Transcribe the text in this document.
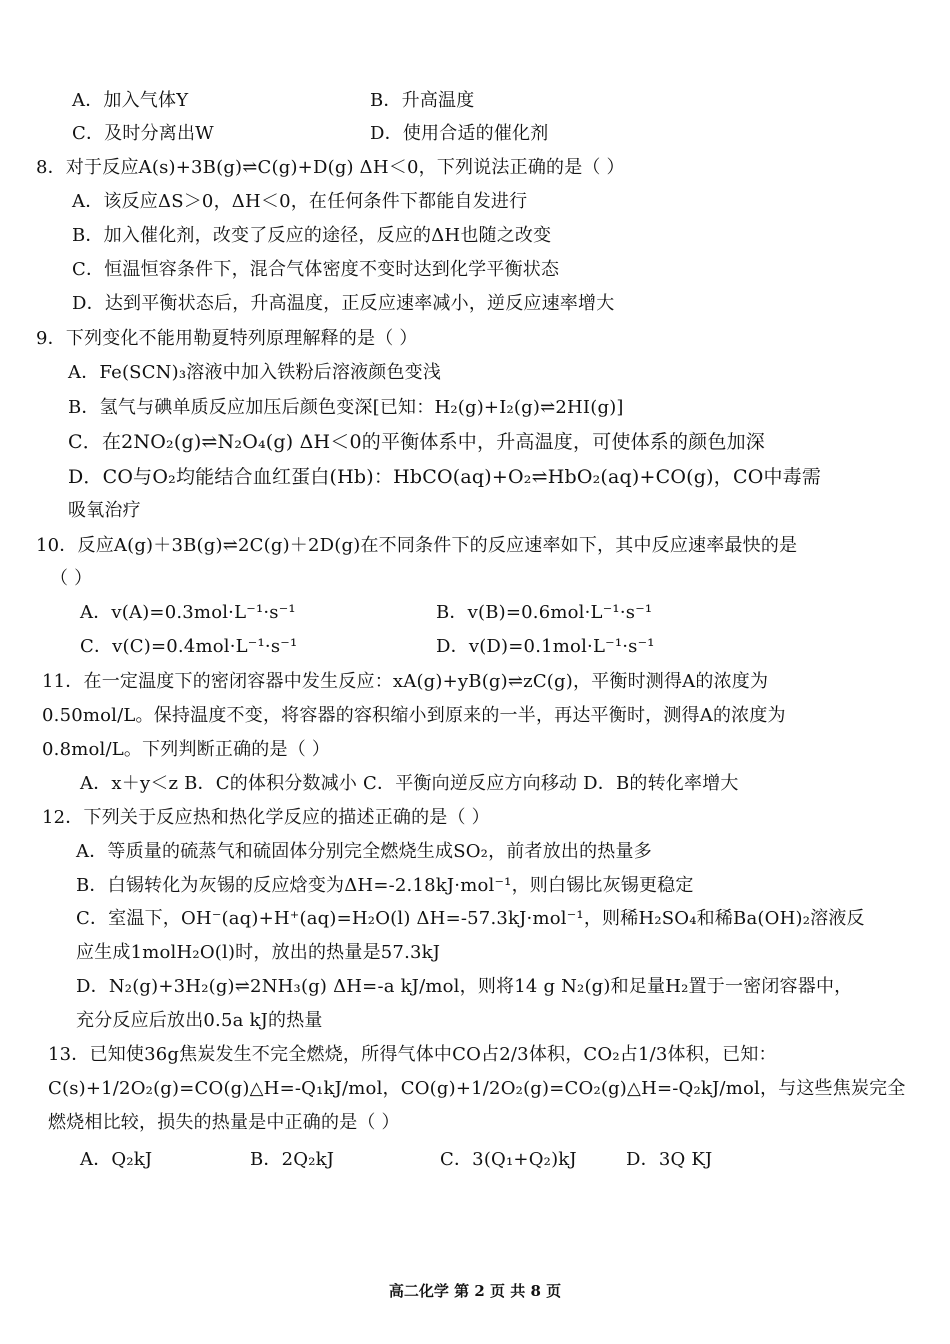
A．加入气体Y	B．升高温度
C．及时分离出W	D．使用合适的催化剂
8．对于反应A(s)+3B(g)⇌C(g)+D(g) ΔH＜0，下列说法正确的是（ ）
A．该反应ΔS＞0，ΔH＜0，在任何条件下都能自发进行
B．加入催化剂，改变了反应的途径，反应的ΔH也随之改变
C．恒温恒容条件下，混合气体密度不变时达到化学平衡状态
D．达到平衡状态后，升高温度，正反应速率减小，逆反应速率增大
9．下列变化不能用勒夏特列原理解释的是（ ）
A．Fe(SCN)₃溶液中加入铁粉后溶液颜色变浅
B．氢气与碘单质反应加压后颜色变深[已知：H₂(g)+I₂(g)⇌2HI(g)]
C．在2NO₂(g)⇌N₂O₄(g) ΔH＜0的平衡体系中，升高温度，可使体系的颜色加深
D．CO与O₂均能结合血红蛋白(Hb)：HbCO(aq)+O₂⇌HbO₂(aq)+CO(g)，CO中毒需
吸氧治疗
10．反应A(g)＋3B(g)⇌2C(g)＋2D(g)在不同条件下的反应速率如下，其中反应速率最快的是
（ ）
A．v(A)=0.3mol·L⁻¹·s⁻¹	B．v(B)=0.6mol·L⁻¹·s⁻¹
C．v(C)=0.4mol·L⁻¹·s⁻¹	D．v(D)=0.1mol·L⁻¹·s⁻¹
11．在一定温度下的密闭容器中发生反应：xA(g)+yB(g)⇌zC(g)，平衡时测得A的浓度为
0.50mol/L。保持温度不变，将容器的容积缩小到原来的一半，再达平衡时，测得A的浓度为
0.8mol/L。下列判断正确的是（ ）
A．x＋y＜z B．C的体积分数减小 C．平衡向逆反应方向移动 D．B的转化率增大
12．下列关于反应热和热化学反应的描述正确的是（ ）
A．等质量的硫蒸气和硫固体分别完全燃烧生成SO₂，前者放出的热量多
B．白锡转化为灰锡的反应焓变为ΔH=-2.18kJ·mol⁻¹，则白锡比灰锡更稳定
C．室温下，OH⁻(aq)+H⁺(aq)=H₂O(l) ΔH=-57.3kJ·mol⁻¹，则稀H₂SO₄和稀Ba(OH)₂溶液反
应生成1molH₂O(l)时，放出的热量是57.3kJ
D．N₂(g)+3H₂(g)⇌2NH₃(g) ΔH=-a kJ/mol，则将14 g N₂(g)和足量H₂置于一密闭容器中，
充分反应后放出0.5a kJ的热量
13．已知使36g焦炭发生不完全燃烧，所得气体中CO占2/3体积，CO₂占1/3体积，已知：
C(s)+1/2O₂(g)=CO(g)△H=-Q₁kJ/mol，CO(g)+1/2O₂(g)=CO₂(g)△H=-Q₂kJ/mol，与这些焦炭完全
燃烧相比较，损失的热量是中正确的是（ ）
A．Q₂kJ	B．2Q₂kJ	C．3(Q₁+Q₂)kJ	D．3Q KJ
高二化学 第 2 页 共 8 页
